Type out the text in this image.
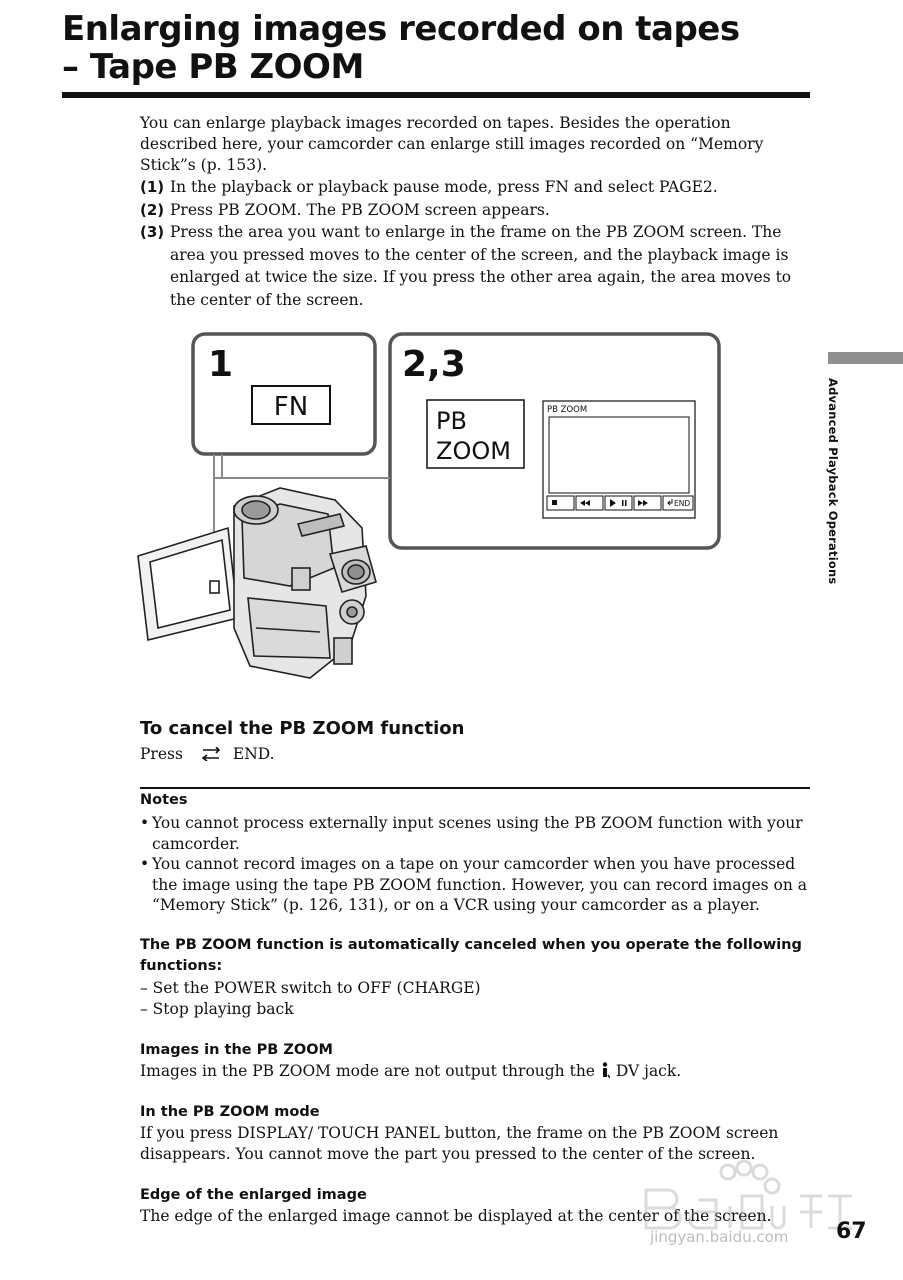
Enlarging images recorded on tapes
– Tape PB ZOOM
You can enlarge playback images recorded on tapes. Besides the operation described here, your camcorder can enlarge still images recorded on “Memory Stick”s (p. 153).
(1) In the playback or playback pause mode, press FN and select PAGE2.
(2) Press PB ZOOM. The PB ZOOM screen appears.
(3) Press the area you want to enlarge in the frame on the PB ZOOM screen. The area you pressed moves to the center of the screen, and the playback image is enlarged at twice the size. If you press the other area again, the area moves to the center of the screen.
Advanced Playback Operations
1
FN
2,3
PB
ZOOM
PB ZOOM
END
To cancel the PB ZOOM function
Press	END.
Notes
• You cannot process externally input scenes using the PB ZOOM function with your camcorder.
• You cannot record images on a tape on your camcorder when you have processed the image using the tape PB ZOOM function. However, you can record images on a “Memory Stick” (p. 126, 131), or on a VCR using your camcorder as a player.
The PB ZOOM function is automatically canceled when you operate the following functions:
– Set the POWER switch to OFF (CHARGE)
– Stop playing back
Images in the PB ZOOM
Images in the PB ZOOM mode are not output through the DV jack.
In the PB ZOOM mode
If you press DISPLAY/ TOUCH PANEL button, the frame on the PB ZOOM screen disappears. You cannot move the part you pressed to the center of the screen.
Edge of the enlarged image
The edge of the enlarged image cannot be displayed at the center of the screen.
jingyan.baidu.com 67
